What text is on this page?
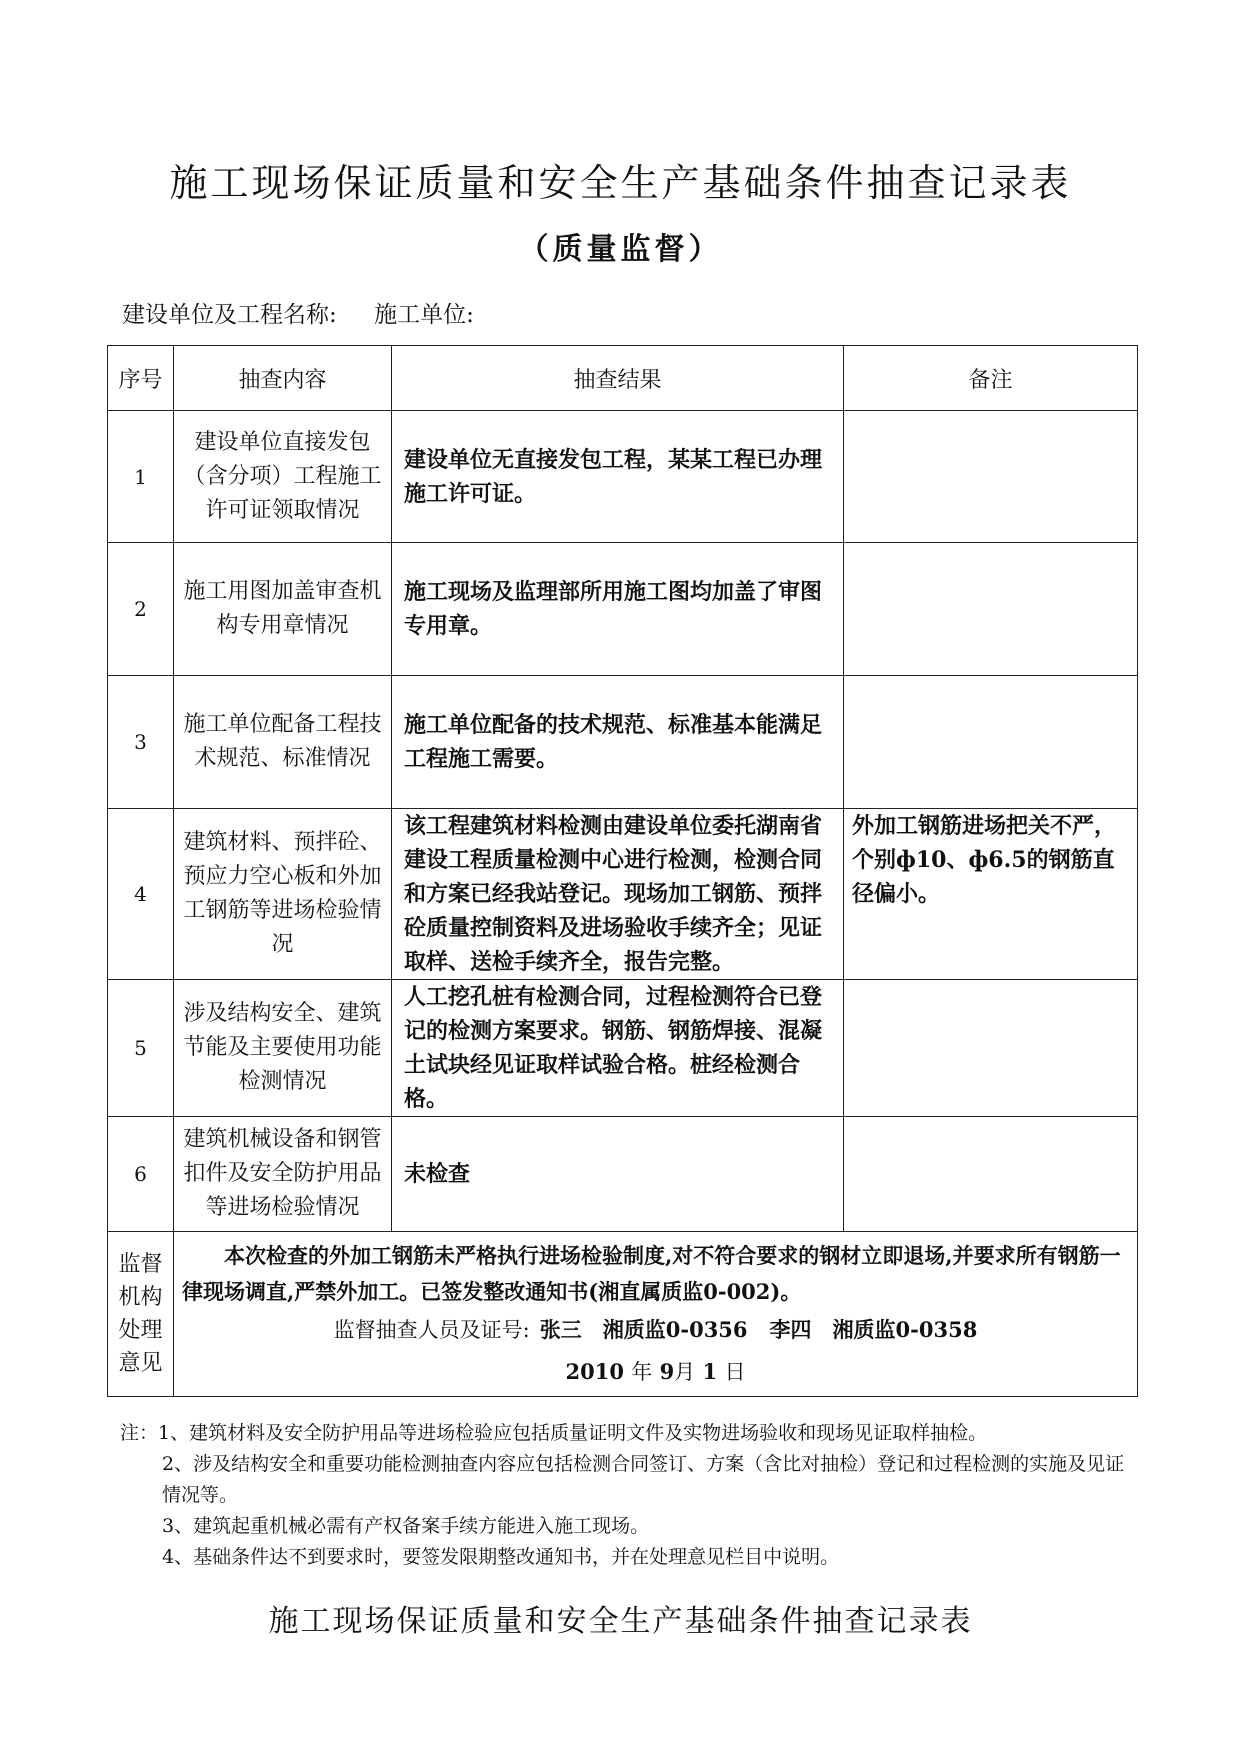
施工现场保证质量和安全生产基础条件抽查记录表
（质量监督）
建设单位及工程名称: 施工单位:
序号	抽查内容	抽查结果	备注
1	建设单位直接发包（含分项）工程施工许可证领取情况	建设单位无直接发包工程，某某工程已办理施工许可证。	
2	施工用图加盖审查机构专用章情况	施工现场及监理部所用施工图均加盖了审图专用章。	
3	施工单位配备工程技术规范、标准情况	施工单位配备的技术规范、标准基本能满足工程施工需要。	
4	建筑材料、预拌砼、预应力空心板和外加工钢筋等进场检验情况	该工程建筑材料检测由建设单位委托湖南省建设工程质量检测中心进行检测，检测合同和方案已经我站登记。现场加工钢筋、预拌砼质量控制资料及进场验收手续齐全；见证取样、送检手续齐全，报告完整。	外加工钢筋进场把关不严，个别ф10、ф6.5的钢筋直径偏小。
5	涉及结构安全、建筑节能及主要使用功能检测情况	人工挖孔桩有检测合同，过程检测符合已登记的检测方案要求。钢筋、钢筋焊接、混凝土试块经见证取样试验合格。桩经检测合格。	
6	建筑机械设备和钢管扣件及安全防护用品等进场检验情况	未检查	
监督机构处理意见	本次检查的外加工钢筋未严格执行进场检验制度,对不符合要求的钢材立即退场,并要求所有钢筋一律现场调直,严禁外加工。已签发整改通知书(湘直属质监0-002)。
监督抽查人员及证号: 张三　湘质监0-0356 李四　湘质监0-0358
2010 年 9月 1 日		
注：1、建筑材料及安全防护用品等进场检验应包括质量证明文件及实物进场验收和现场见证取样抽检。
2、涉及结构安全和重要功能检测抽查内容应包括检测合同签订、方案（含比对抽检）登记和过程检测的实施及见证情况等。
3、建筑起重机械必需有产权备案手续方能进入施工现场。
4、基础条件达不到要求时，要签发限期整改通知书，并在处理意见栏目中说明。
施工现场保证质量和安全生产基础条件抽查记录表
